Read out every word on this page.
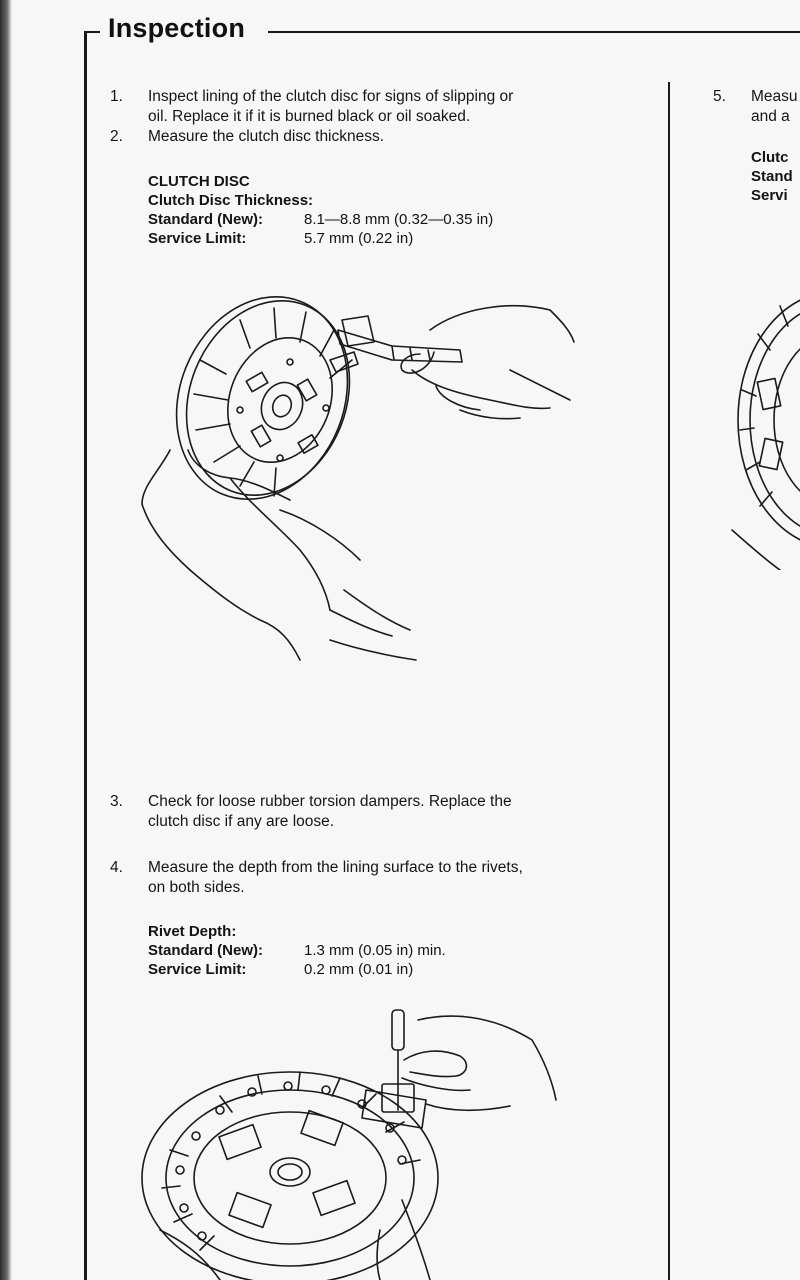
Inspection
1. Inspect lining of the clutch disc for signs of slipping or
oil. Replace it if it is burned black or oil soaked.
2. Measure the clutch disc thickness.
CLUTCH DISC
Clutch Disc Thickness:
Standard (New):	8.1—8.8 mm (0.32—0.35 in)
Service Limit:	5.7 mm (0.22 in)
3. Check for loose rubber torsion dampers. Replace the
clutch disc if any are loose.
4. Measure the depth from the lining surface to the rivets,
on both sides.
Rivet Depth:
Standard (New):	1.3 mm (0.05 in) min.
Service Limit:	0.2 mm (0.01 in)
5. Measu
and a
Clutc
Stand
Servi
